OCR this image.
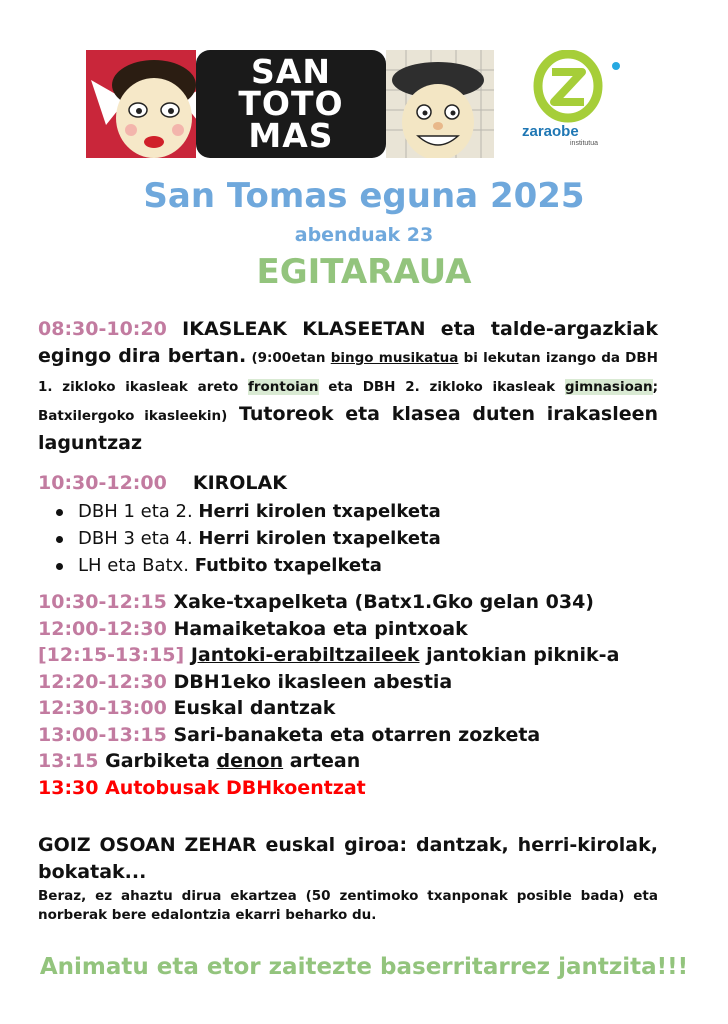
SAN
TOTO
MAS	zaraobe
institutua
San Tomas eguna 2025
abenduak 23
EGITARAUA
08:30-10:20 IKASLEAK KLASEETAN eta talde-argazkiak egingo dira bertan. (9:00etan bingo musikatua bi lekutan izango da DBH 1. zikloko ikasleak areto frontoian eta DBH 2. zikloko ikasleak gimnasioan; Batxilergoko ikasleekin) Tutoreok eta klasea duten irakasleen laguntzaz
10:30-12:00 KIROLAK
DBH 1 eta 2. Herri kirolen txapelketa
DBH 3 eta 4. Herri kirolen txapelketa
LH eta Batx. Futbito txapelketa
10:30-12:15 Xake-txapelketa (Batx1.Gko gelan 034)
12:00-12:30 Hamaiketakoa eta pintxoak
[12:15-13:15] Jantoki-erabiltzaileek jantokian piknik-a
12:20-12:30 DBH1eko ikasleen abestia
12:30-13:00 Euskal dantzak
13:00-13:15 Sari-banaketa eta otarren zozketa
13:15 Garbiketa denon artean
13:30 Autobusak DBHkoentzat
GOIZ OSOAN ZEHAR euskal giroa: dantzak, herri-kirolak, bokatak...
Beraz, ez ahaztu dirua ekartzea (50 zentimoko txanponak posible bada) eta norberak bere edalontzia ekarri beharko du.
Animatu eta etor zaitezte baserritarrez jantzita!!!
